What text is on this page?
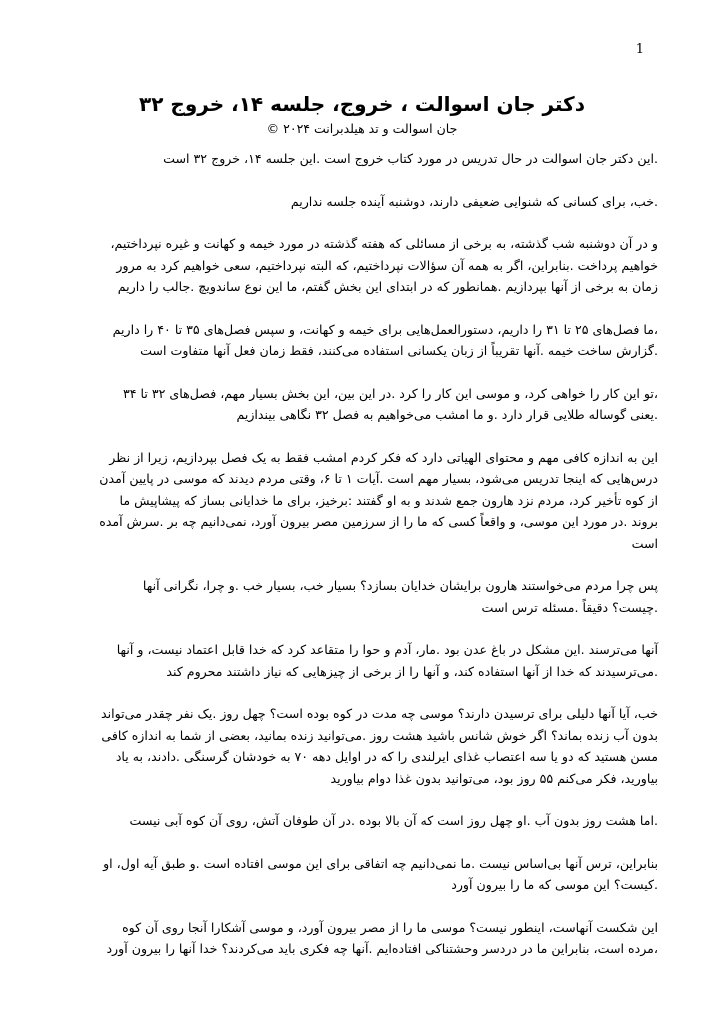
1
دکتر جان اسوالت ، خروج، جلسه ۱۴، خروج ۳۲
جان اسوالت و تد هیلدبرانت ۲۰۲۴ ©

.این دکتر جان اسوالت در حال تدریس در مورد کتاب خروج است .این جلسه ۱۴، خروج ۳۲ است

.خب، برای کسانی که شنوایی ضعیفی دارند، دوشنبه آینده جلسه نداریم

و در آن دوشنبه شب گذشته، به برخی از مسائلی که هفته گذشته در مورد خیمه و کهانت و غیره نپرداختیم، خواهیم پرداخت .بنابراین، اگر به همه آن سؤالات نپرداختیم، که البته نپرداختیم، سعی خواهیم کرد به مرور زمان به برخی از آنها بپردازیم .همانطور که در ابتدای این بخش گفتم، ما این نوع ساندویچ .جالب را داریم

،ما فصل‌های ۲۵ تا ۳۱ را داریم، دستورالعمل‌هایی برای خیمه و کهانت، و سپس فصل‌های ۳۵ تا ۴۰ را داریم .گزارش ساخت خیمه .آنها تقریباً از زبان یکسانی استفاده می‌کنند، فقط زمان فعل آنها متفاوت است

،تو این کار را خواهی کرد، و موسی این کار را کرد .در این بین، این بخش بسیار مهم، فصل‌های ۳۲ تا ۳۴ .یعنی گوساله طلایی قرار دارد .و ما امشب می‌خواهیم به فصل ۳۲ نگاهی بیندازیم

این به اندازه کافی مهم و محتوای الهیاتی دارد که فکر کردم امشب فقط به یک فصل بپردازیم، زیرا از نظر درس‌هایی که اینجا تدریس می‌شود، بسیار مهم است .آیات ۱ تا ۶، وقتی مردم دیدند که موسی در پایین آمدن از کوه تأخیر کرد، مردم نزد هارون جمع شدند و به او گفتند :برخیز، برای ما خدایانی بساز که پیشاپیش ما بروند .در مورد این موسی، و واقعاً کسی که ما را از سرزمین مصر بیرون آورد، نمی‌دانیم چه بر .سرش آمده است

پس چرا مردم می‌خواستند هارون برایشان خدایان بسازد؟ بسیار خب، بسیار خب .و چرا، نگرانی آنها .چیست؟ دقیقاً .مسئله ترس است

آنها می‌ترسند .این مشکل در باغ عدن بود .مار، آدم و حوا را متقاعد کرد که خدا قابل اعتماد نیست، و آنها .می‌ترسیدند که خدا از آنها استفاده کند، و آنها را از برخی از چیزهایی که نیاز داشتند محروم کند

خب، آیا آنها دلیلی برای ترسیدن دارند؟ موسی چه مدت در کوه بوده است؟ چهل روز .یک نفر چقدر می‌تواند بدون آب زنده بماند؟ اگر خوش شانس باشید هشت روز .می‌توانید زنده بمانید، بعضی از شما به اندازه کافی مسن هستید که دو یا سه اعتصاب غذای ایرلندی را که در اوایل دهه ۷۰ به خودشان گرسنگی .دادند، به یاد بیاورید، فکر می‌کنم ۵۵ روز بود، می‌توانید بدون غذا دوام بیاورید

.اما هشت روز بدون آب .او چهل روز است که آن بالا بوده .در آن طوفان آتش، روی آن کوه آبی نیست

بنابراین، ترس آنها بی‌اساس نیست .ما نمی‌دانیم چه اتفاقی برای این موسی افتاده است .و طبق آیه اول، او .کیست؟ این موسی که ما را بیرون آورد

این شکست آنهاست، اینطور نیست؟ موسی ما را از مصر بیرون آورد، و موسی آشکارا آنجا روی آن کوه ،مرده است، بنابراین ما در دردسر وحشتناکی افتاده‌ایم .آنها چه فکری باید می‌کردند؟ خدا آنها را بیرون آورد
